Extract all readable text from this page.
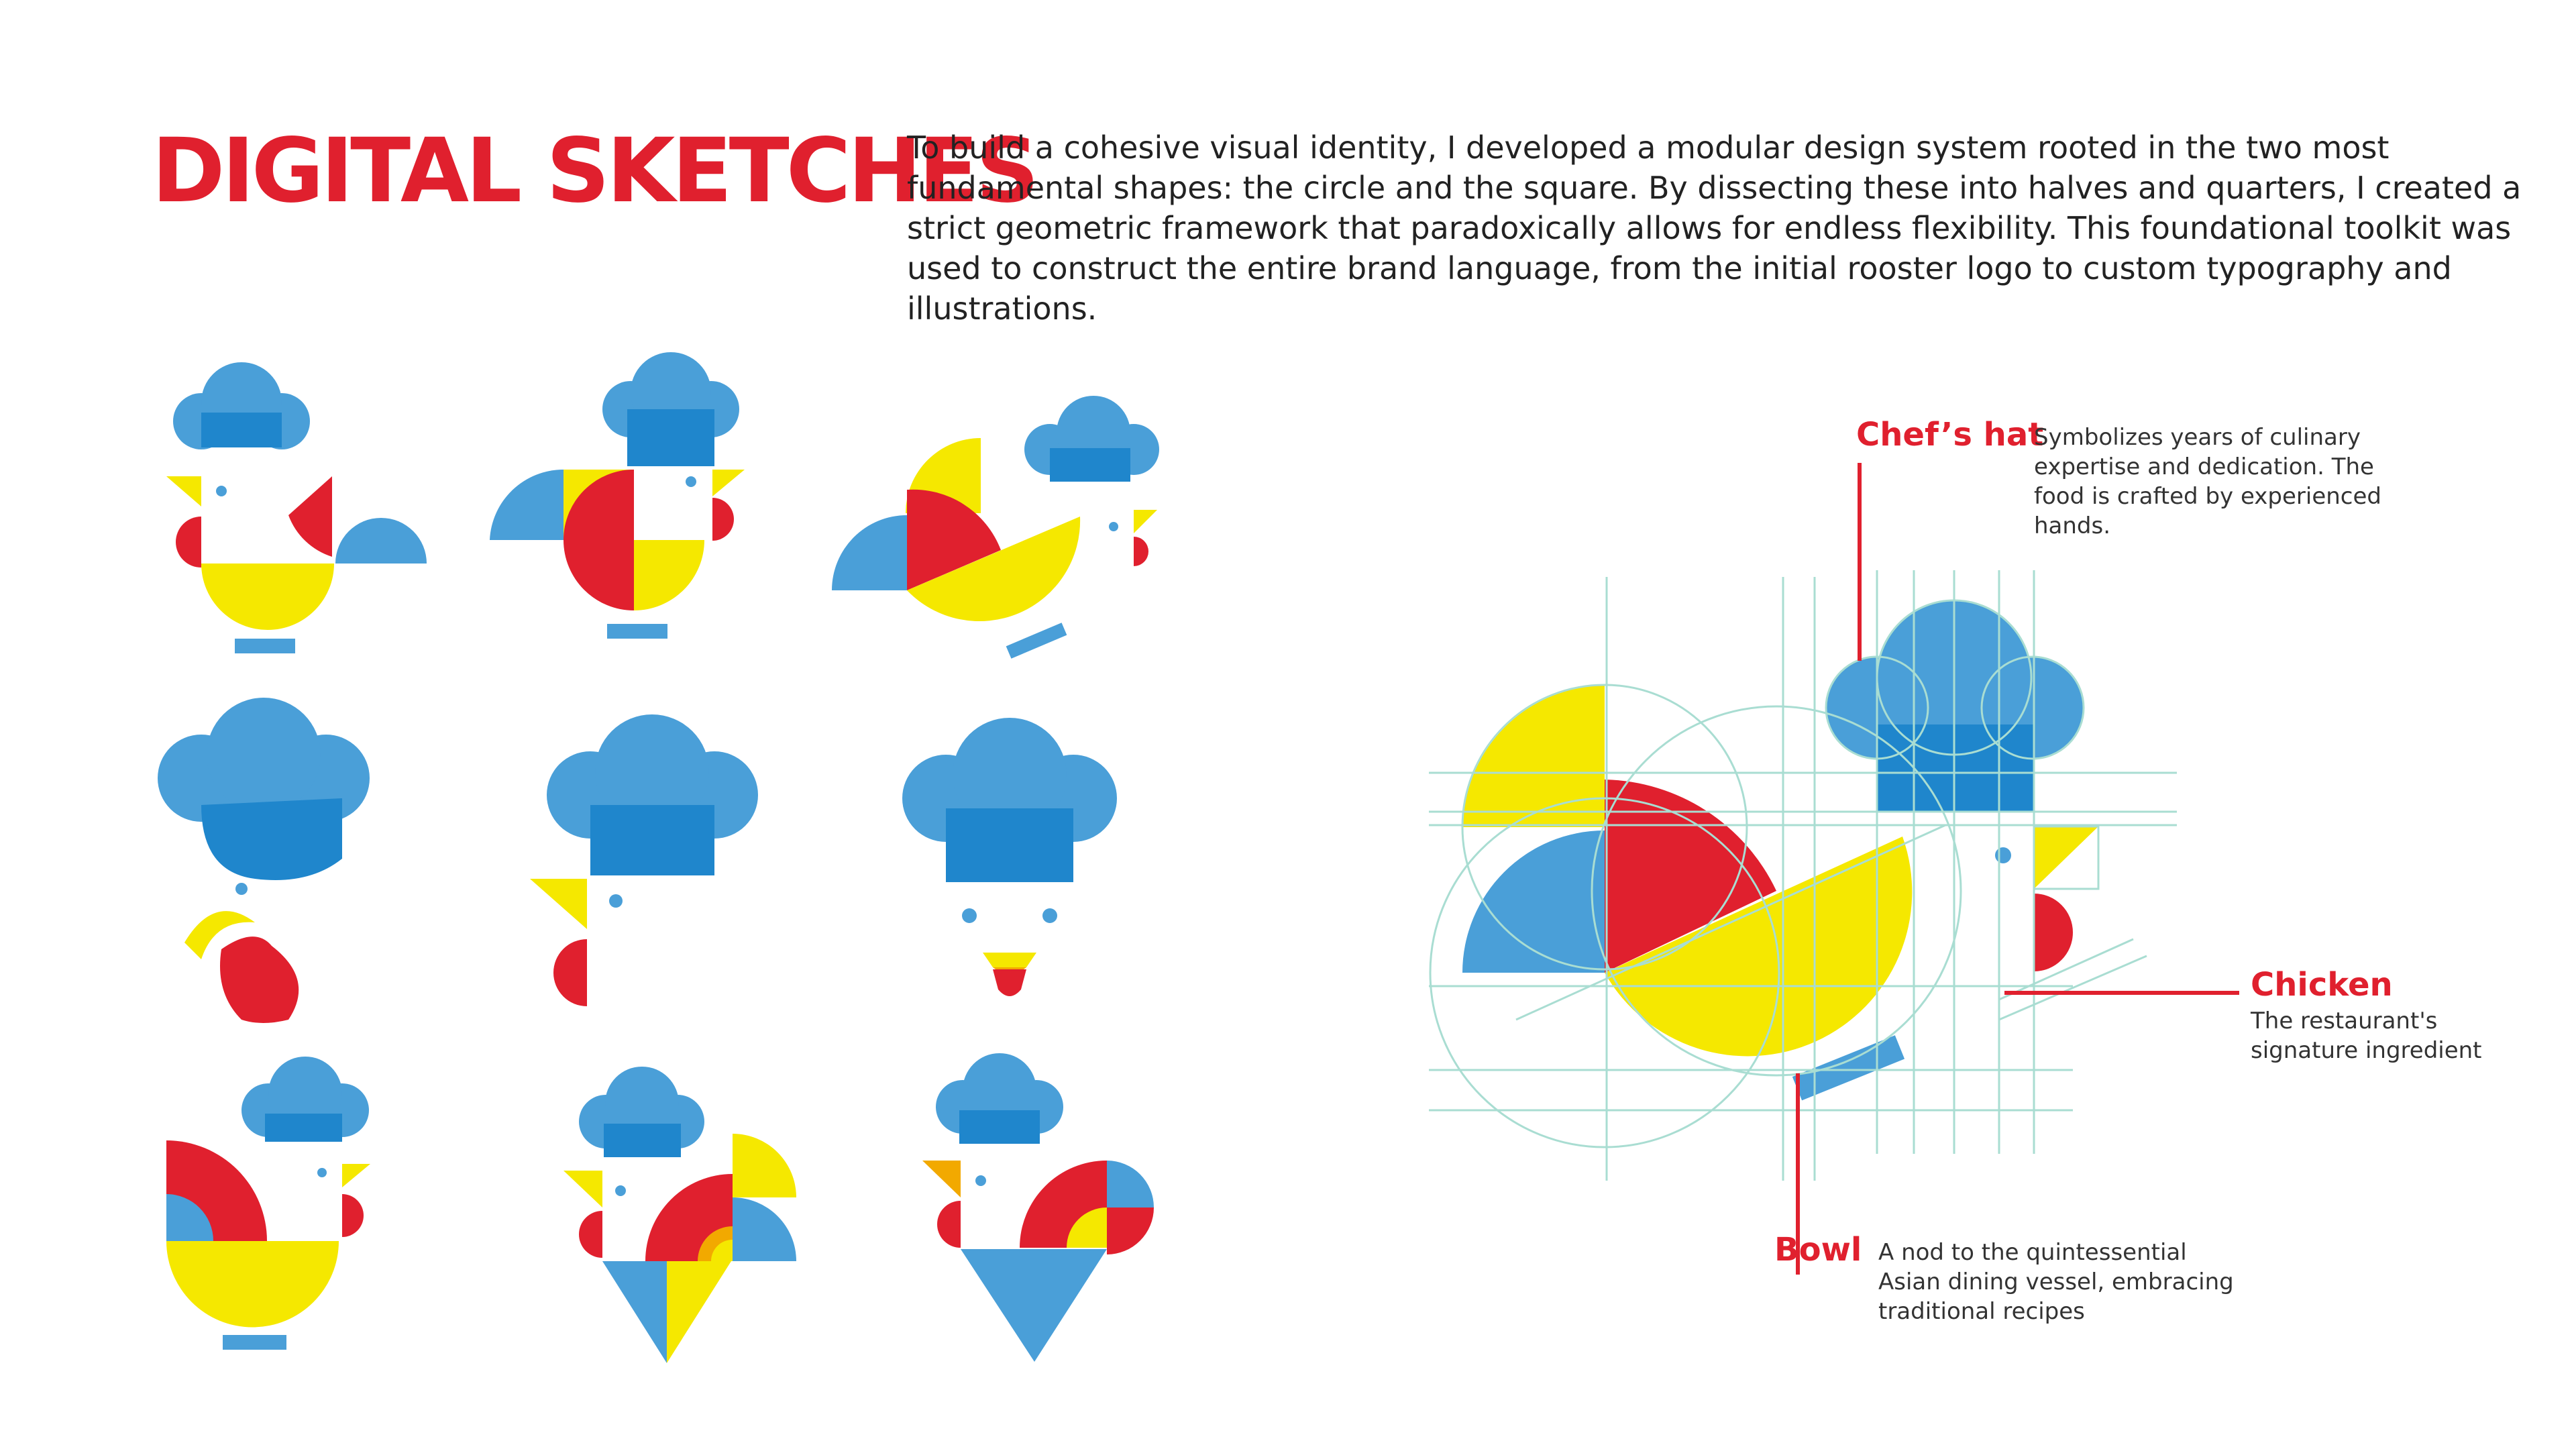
DIGITAL SKETCHES

To build a cohesive visual identity, I developed a modular design system rooted in the two most fundamental shapes: the circle and the square. By dissecting these into halves and quarters, I created a strict geometric framework that paradoxically allows for endless flexibility. This foundational toolkit was used to construct the entire brand language, from the initial rooster logo to custom typography and illustrations.

Chef’s hat
Symbolizes years of culinary expertise and dedication. The food is crafted by experienced hands.
Chicken
The restaurant's signature ingredient
Bowl A nod to the quintessential Asian dining vessel, embracing traditional recipes
